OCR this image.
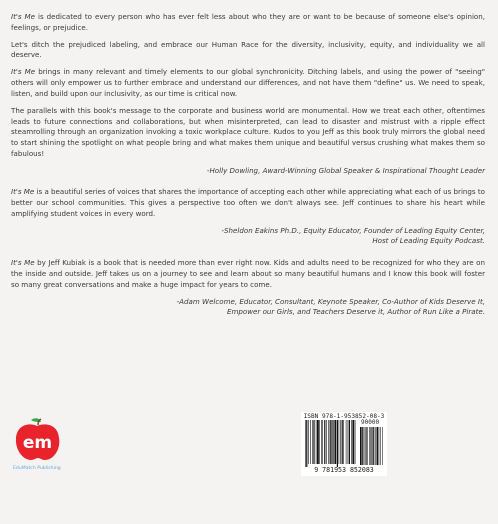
It's Me is dedicated to every person who has ever felt less about who they are or want to be because of someone else's opinion, feelings, or prejudice.

Let's ditch the prejudiced labeling, and embrace our Human Race for the diversity, inclusivity, equity, and individuality we all deserve.

It's Me brings in many relevant and timely elements to our global synchronicity. Ditching labels, and using the power of "seeing" others will only empower us to further embrace and understand our differences, and not have them "define" us. We need to speak, listen, and build upon our inclusivity, as our time is critical now.

The parallels with this book's message to the corporate and business world are monumental. How we treat each other, oftentimes leads to future connections and collaborations, but when misinterpreted, can lead to disaster and mistrust with a ripple effect steamrolling through an organization invoking a toxic workplace culture. Kudos to you Jeff as this book truly mirrors the global need to start shining the spotlight on what people bring and what makes them unique and beautiful versus crushing what makes them so fabulous!

-Holly Dowling, Award-Winning Global Speaker & Inspirational Thought Leader

It's Me is a beautiful series of voices that shares the importance of accepting each other while appreciating what each of us brings to better our school communities. This gives a perspective too often we don't always see. Jeff continues to share his heart while amplifying student voices in every word.

-Sheldon Eakins Ph.D., Equity Educator, Founder of Leading Equity Center,
Host of Leading Equity Podcast.

It's Me by Jeff Kubiak is a book that is needed more than ever right now. Kids and adults need to be recognized for who they are on the inside and outside. Jeff takes us on a journey to see and learn about so many beautiful humans and I know this book will foster so many great conversations and make a huge impact for years to come.

-Adam Welcome, Educator, Consultant, Keynote Speaker, Co-Author of Kids Deserve It,
Empower our Girls, and Teachers Deserve it, Author of Run Like a Pirate.

em
EduMatch Publishing
ISBN 978-1-953852-08-3
90000
9 781953 852083
